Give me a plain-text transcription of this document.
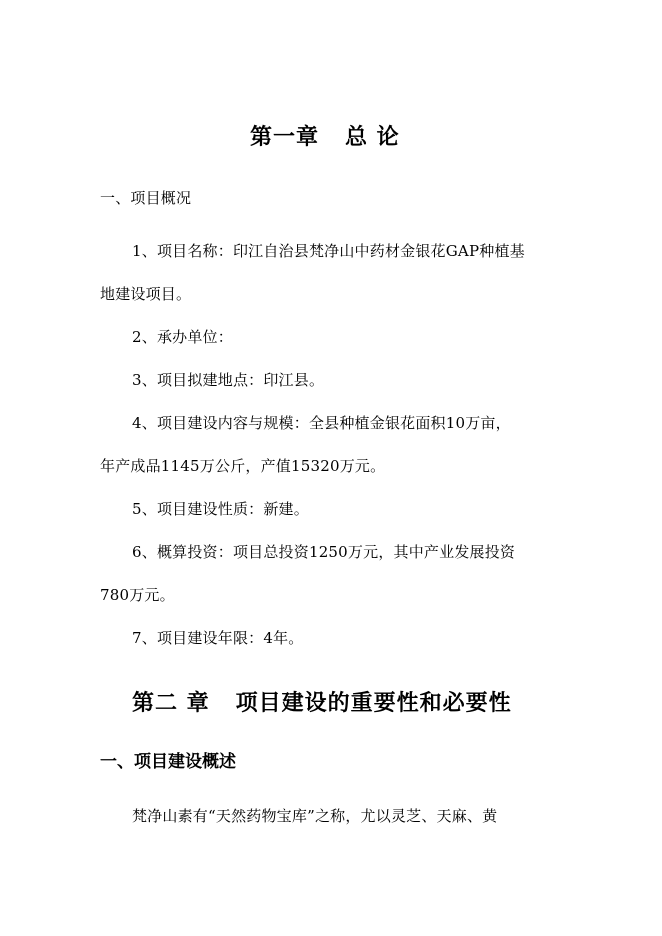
第一章 总 论
一、项目概况
1、项目名称：印江自治县梵净山中药材金银花GAP种植基
地建设项目。
2、承办单位：
3、项目拟建地点：印江县。
4、项目建设内容与规模：全县种植金银花面积10万亩，
年产成品1145万公斤，产值15320万元。
5、项目建设性质：新建。
6、概算投资：项目总投资1250万元，其中产业发展投资
780万元。
7、项目建设年限：4年。
第二 章 项目建设的重要性和必要性
一、项目建设概述
梵净山素有“天然药物宝库”之称，尤以灵芝、天麻、黄
